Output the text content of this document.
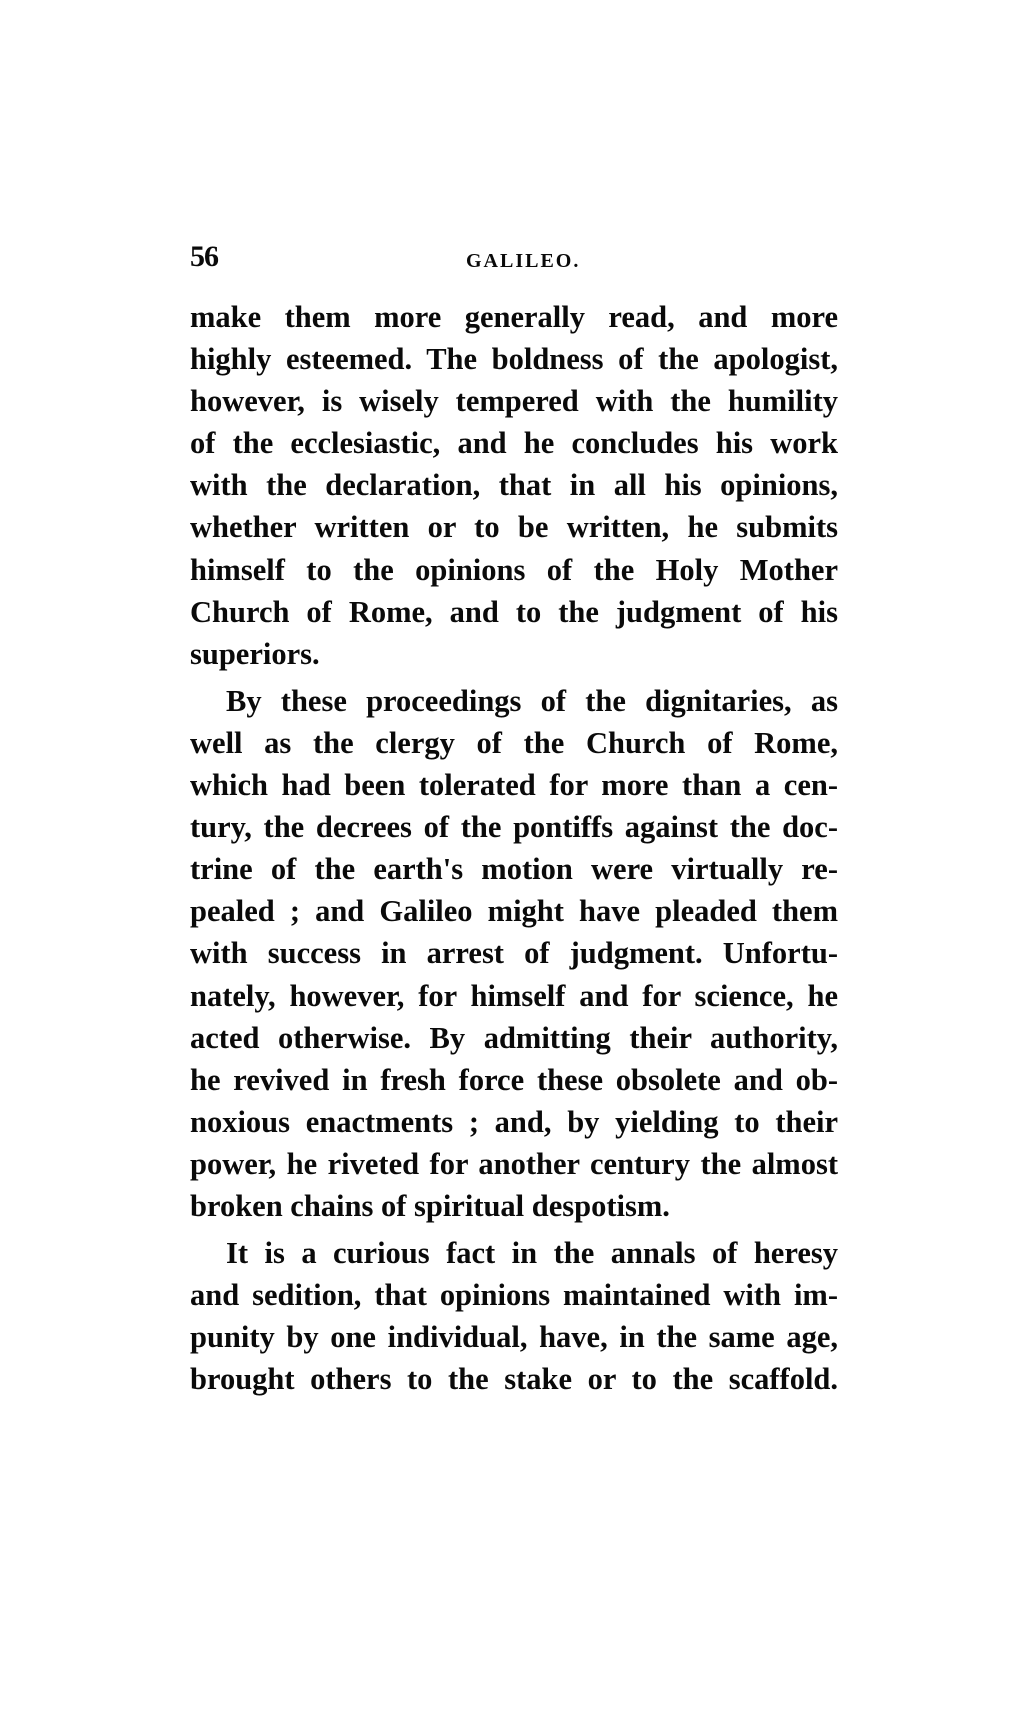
56	GALILEO.

make them more generally read, and more
highly esteemed. The boldness of the apologist,
however, is wisely tempered with the humility
of the ecclesiastic, and he concludes his work
with the declaration, that in all his opinions,
whether written or to be written, he submits
himself to the opinions of the Holy Mother
Church of Rome, and to the judgment of his
superiors.

By these proceedings of the dignitaries, as
well as the clergy of the Church of Rome,
which had been tolerated for more than a cen-
tury, the decrees of the pontiffs against the doc-
trine of the earth's motion were virtually re-
pealed ; and Galileo might have pleaded them
with success in arrest of judgment. Unfortu-
nately, however, for himself and for science, he
acted otherwise. By admitting their authority,
he revived in fresh force these obsolete and ob-
noxious enactments ; and, by yielding to their
power, he riveted for another century the almost
broken chains of spiritual despotism.

It is a curious fact in the annals of heresy
and sedition, that opinions maintained with im-
punity by one individual, have, in the same age,
brought others to the stake or to the scaffold.
